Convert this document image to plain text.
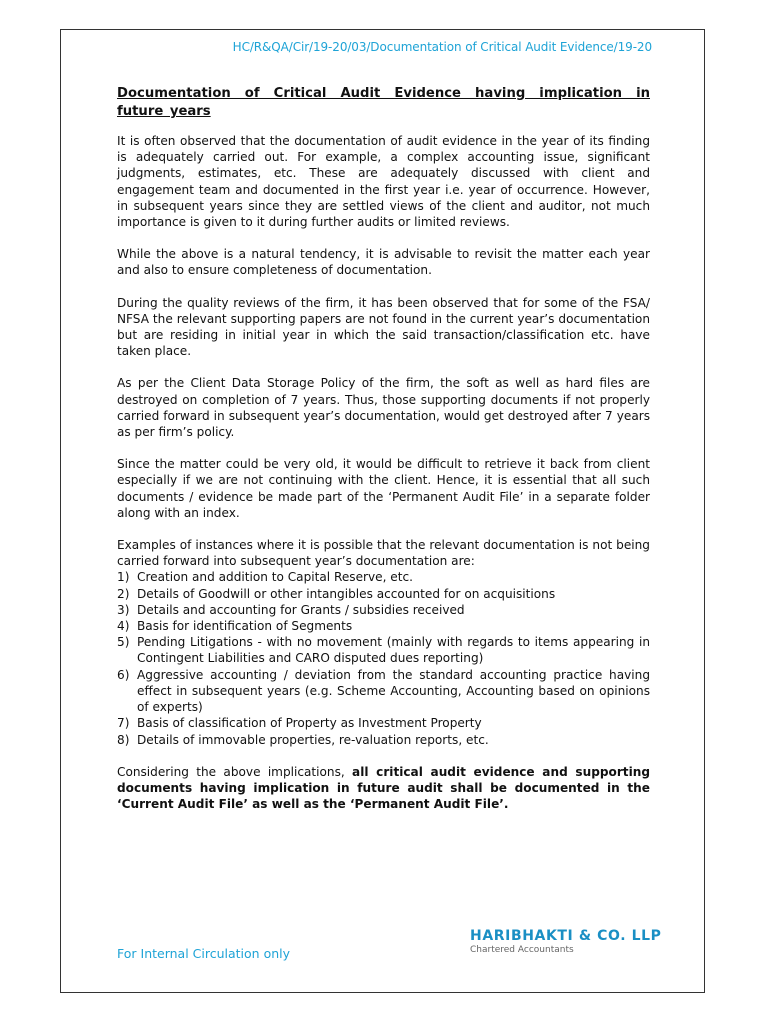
HC/R&QA/Cir/19-20/03/Documentation of Critical Audit Evidence/19-20
Documentation of Critical Audit Evidence having implication in future years

It is often observed that the documentation of audit evidence in the year of its finding is adequately carried out. For example, a complex accounting issue, significant judgments, estimates, etc. These are adequately discussed with client and engagement team and documented in the first year i.e. year of occurrence. However, in subsequent years since they are settled views of the client and auditor, not much importance is given to it during further audits or limited reviews.

While the above is a natural tendency, it is advisable to revisit the matter each year and also to ensure completeness of documentation.

During the quality reviews of the firm, it has been observed that for some of the FSA/ NFSA the relevant supporting papers are not found in the current year’s documentation but are residing in initial year in which the said transaction/classification etc. have taken place.

As per the Client Data Storage Policy of the firm, the soft as well as hard files are destroyed on completion of 7 years. Thus, those supporting documents if not properly carried forward in subsequent year’s documentation, would get destroyed after 7 years as per firm’s policy.

Since the matter could be very old, it would be difficult to retrieve it back from client especially if we are not continuing with the client. Hence, it is essential that all such documents / evidence be made part of the ‘Permanent Audit File’ in a separate folder along with an index.

Examples of instances where it is possible that the relevant documentation is not being carried forward into subsequent year’s documentation are:

1) Creation and addition to Capital Reserve, etc.
2) Details of Goodwill or other intangibles accounted for on acquisitions
3) Details and accounting for Grants / subsidies received
4) Basis for identification of Segments
5) Pending Litigations - with no movement (mainly with regards to items appearing in Contingent Liabilities and CARO disputed dues reporting)
6) Aggressive accounting / deviation from the standard accounting practice having effect in subsequent years (e.g. Scheme Accounting, Accounting based on opinions of experts)
7) Basis of classification of Property as Investment Property
8) Details of immovable properties, re-valuation reports, etc.

Considering the above implications, all critical audit evidence and supporting documents having implication in future audit shall be documented in the ‘Current Audit File’ as well as the ‘Permanent Audit File’.

For Internal Circulation only
HARIBHAKTI & CO. LLP
Chartered Accountants
